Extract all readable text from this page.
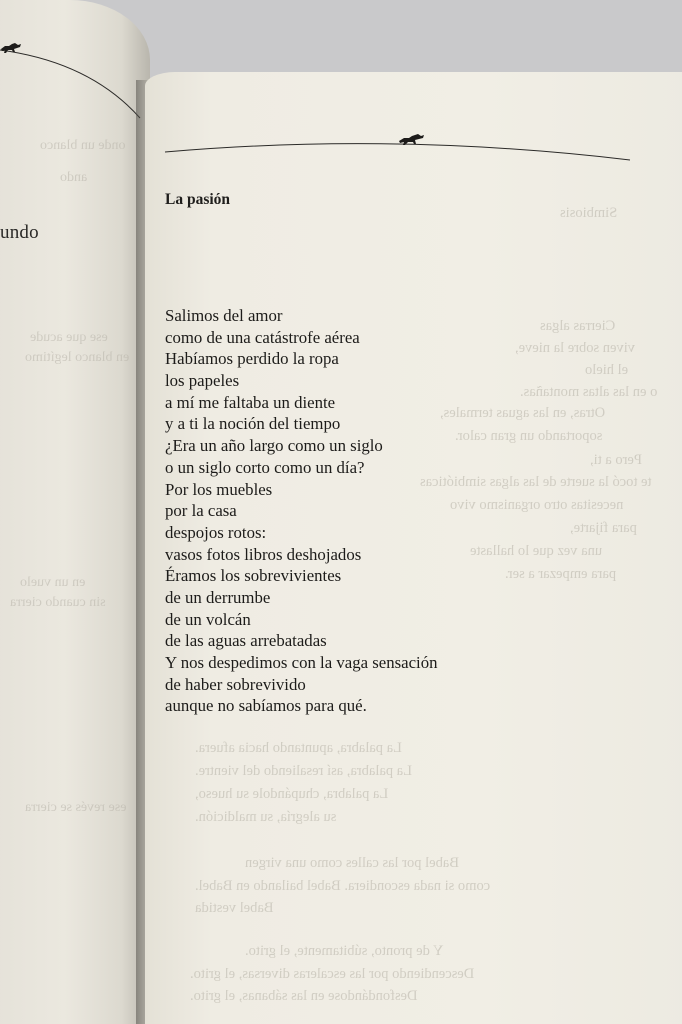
undo
onde un blanco
ando
ese que acude
en blanco legítimo
en un vuelo
sin cuando cierra
ese revés se cierra
Simbiosis
Cierras algas
viven sobre la nieve,
el hielo
o en las altas montañas.
Otras, en las aguas termales,
soportando un gran calor.
Pero a ti,
te tocó la suerte de las algas simbióticas
necesitas otro organismo vivo
para fijarte,
una vez que lo hallaste
para empezar a ser.
La palabra, apuntando hacia afuera.
La palabra, así resaliendo del vientre.
La palabra, chupándole su hueso,
su alegría, su maldición.
Babel por las calles como una virgen
como si nada escondiera. Babel bailando en Babel.
Babel vestida
Y de pronto, súbitamente, el grito.
Descendiendo por las escaleras diversas, el grito.
Desfondándose en las sábanas, el grito.
La pasión
Salimos del amor
como de una catástrofe aérea
Habíamos perdido la ropa
los papeles
a mí me faltaba un diente
y a ti la noción del tiempo
¿Era un año largo como un siglo
o un siglo corto como un día?
Por los muebles
por la casa
despojos rotos:
vasos fotos libros deshojados
Éramos los sobrevivientes
de un derrumbe
de un volcán
de las aguas arrebatadas
Y nos despedimos con la vaga sensación
de haber sobrevivido
aunque no sabíamos para qué.
